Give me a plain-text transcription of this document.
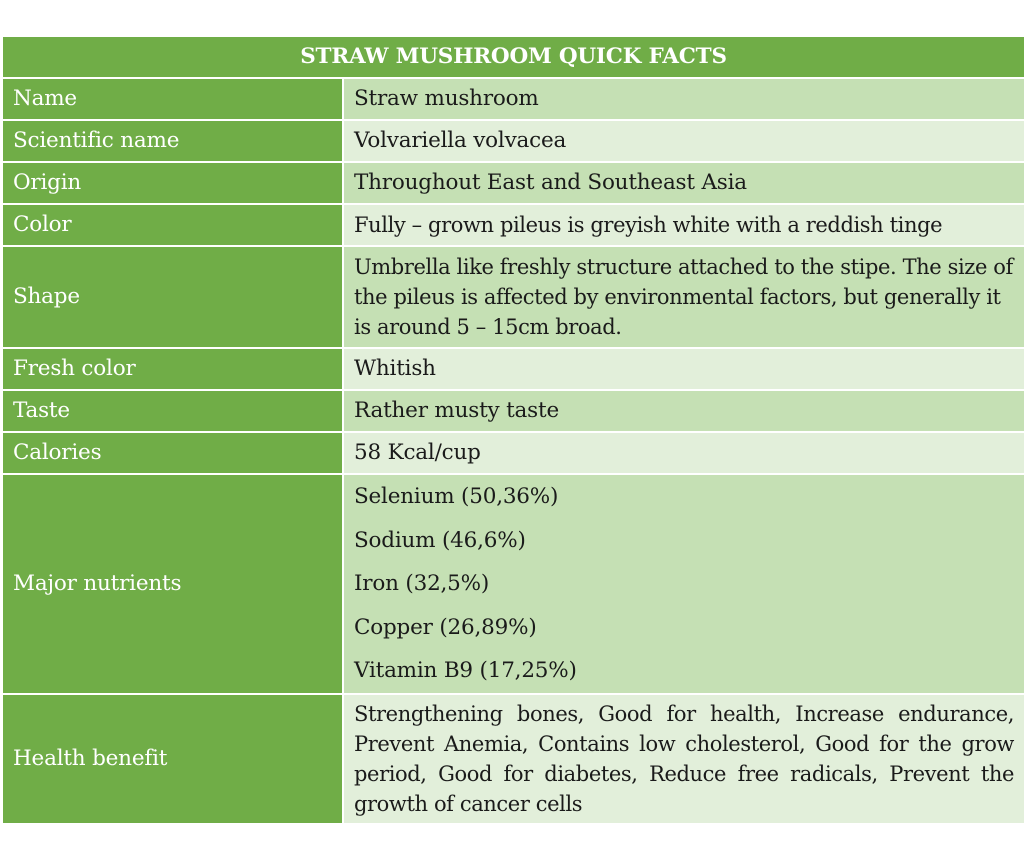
STRAW MUSHROOM QUICK FACTS	
Name	Straw mushroom
Scientific name	Volvariella volvacea
Origin	Throughout East and Southeast Asia
Color	Fully – grown pileus is greyish white with a reddish tinge
Shape	Umbrella like freshly structure attached to the stipe. The size of the pileus is affected by environmental factors, but generally it is around 5 – 15cm broad.
Fresh color	Whitish
Taste	Rather musty taste
Calories	58 Kcal/cup
Major nutrients	Selenium (50,36%)
Sodium (46,6%)
Iron (32,5%)
Copper (26,89%)
Vitamin B9 (17,25%)

Health benefit	Strengthening bones, Good for health, Increase endurance, Prevent Anemia, Contains low cholesterol, Good for the grow period, Good for diabetes, Reduce free radicals, Prevent the growth of cancer cells
